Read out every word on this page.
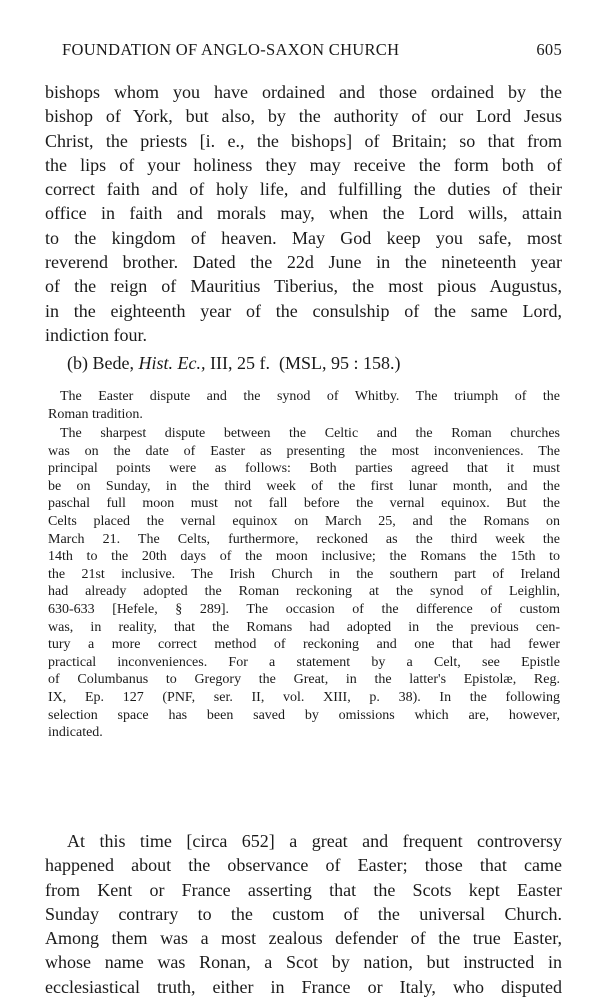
FOUNDATION OF ANGLO-SAXON CHURCH	605
bishops whom you have ordained and those ordained by the
bishop of York, but also, by the authority of our Lord Jesus
Christ, the priests [i. e., the bishops] of Britain; so that from
the lips of your holiness they may receive the form both of
correct faith and of holy life, and fulfilling the duties of their
office in faith and morals may, when the Lord wills, attain
to the kingdom of heaven. May God keep you safe, most
reverend brother. Dated the 22d June in the nineteenth year
of the reign of Mauritius Tiberius, the most pious Augustus,
in the eighteenth year of the consulship of the same Lord,
indiction four.
(b) Bede, Hist. Ec., III, 25 f. (MSL, 95 : 158.)
The Easter dispute and the synod of Whitby. The triumph of the
Roman tradition.
The sharpest dispute between the Celtic and the Roman churches
was on the date of Easter as presenting the most inconveniences. The
principal points were as follows: Both parties agreed that it must
be on Sunday, in the third week of the first lunar month, and the
paschal full moon must not fall before the vernal equinox. But the
Celts placed the vernal equinox on March 25, and the Romans on
March 21. The Celts, furthermore, reckoned as the third week the
14th to the 20th days of the moon inclusive; the Romans the 15th to
the 21st inclusive. The Irish Church in the southern part of Ireland
had already adopted the Roman reckoning at the synod of Leighlin,
630-633 [Hefele, § 289]. The occasion of the difference of custom
was, in reality, that the Romans had adopted in the previous cen-
tury a more correct method of reckoning and one that had fewer
practical inconveniences. For a statement by a Celt, see Epistle
of Columbanus to Gregory the Great, in the latter's Epistolæ, Reg.
IX, Ep. 127 (PNF, ser. II, vol. XIII, p. 38). In the following
selection space has been saved by omissions which are, however,
indicated.
At this time [circa 652] a great and frequent controversy
happened about the observance of Easter; those that came
from Kent or France asserting that the Scots kept Easter
Sunday contrary to the custom of the universal Church.
Among them was a most zealous defender of the true Easter,
whose name was Ronan, a Scot by nation, but instructed in
ecclesiastical truth, either in France or Italy, who disputed
